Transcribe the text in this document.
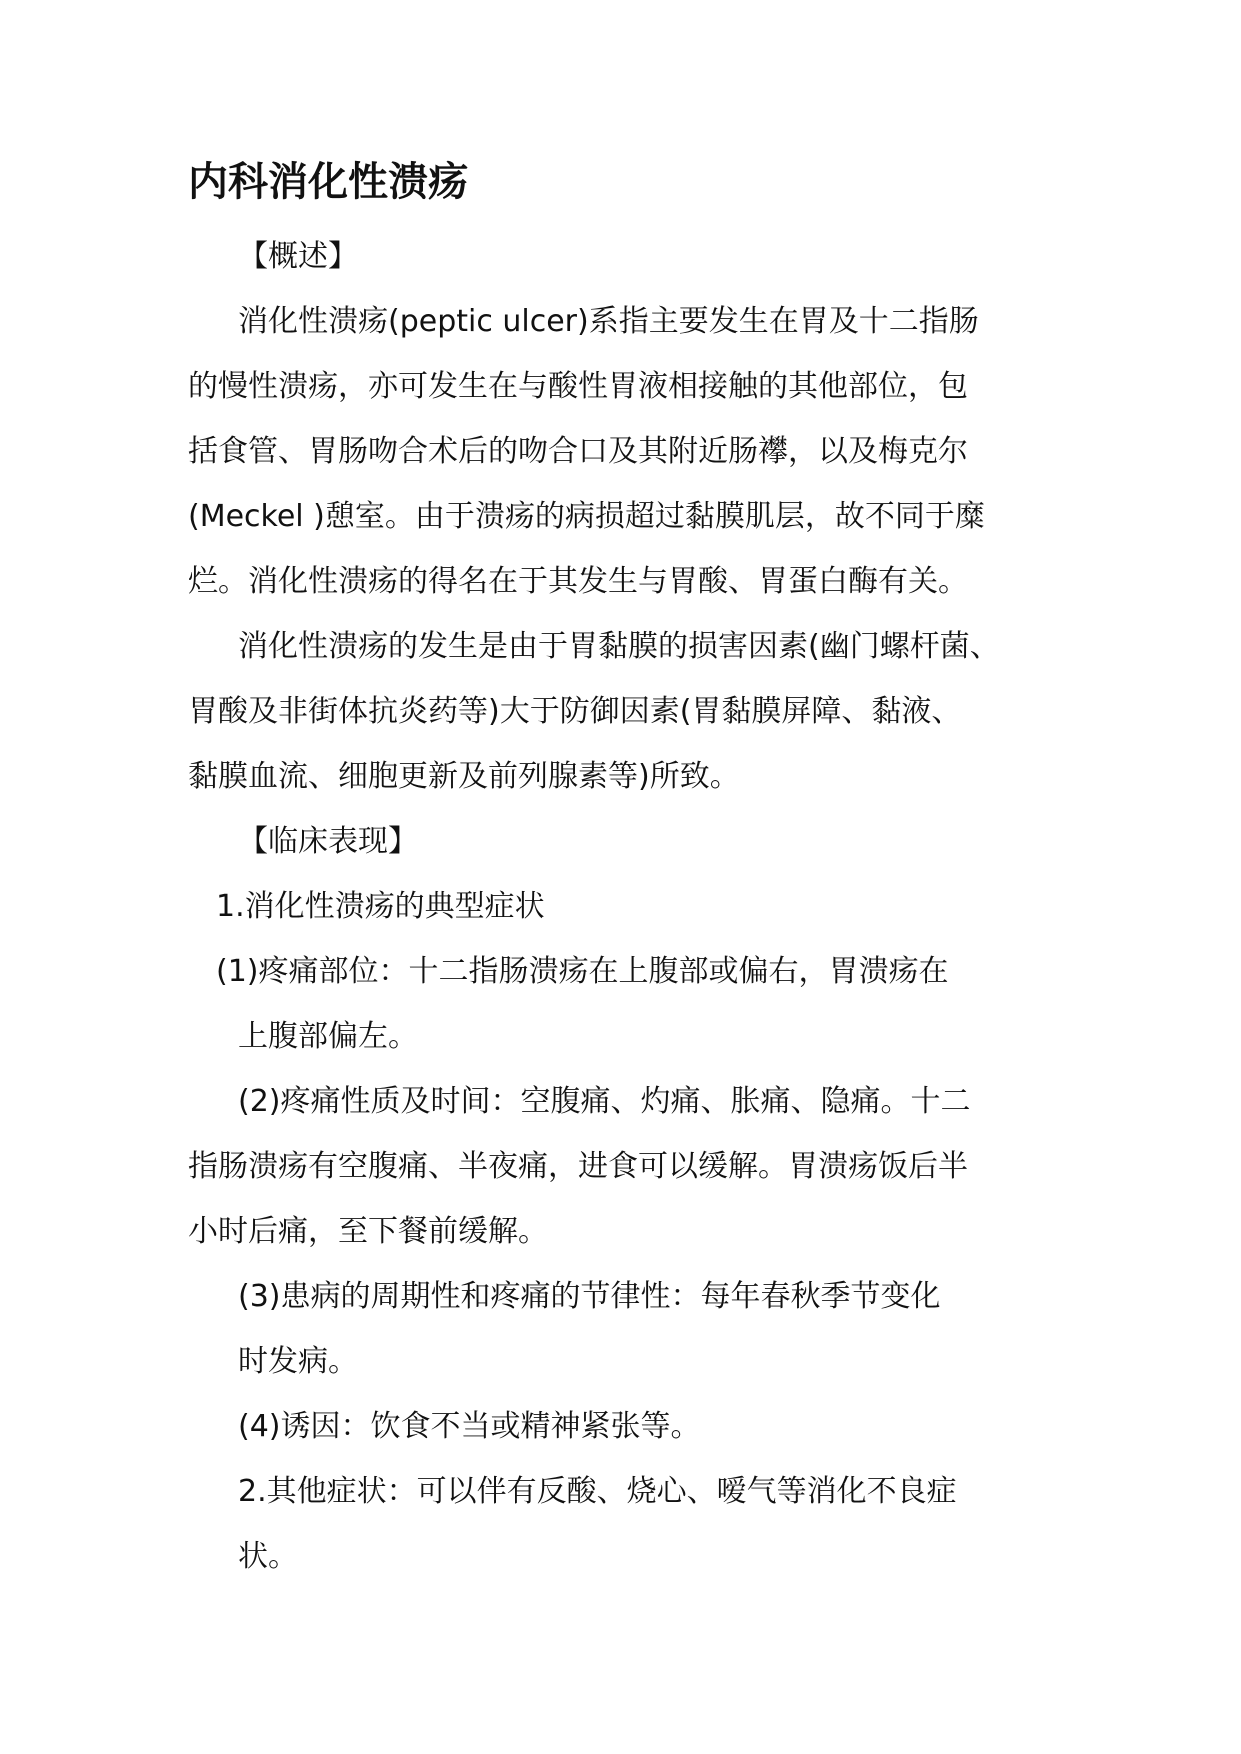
内科消化性溃疡

【概述】

消化性溃疡(peptic ulcer)系指主要发生在胃及十二指肠

的慢性溃疡，亦可发生在与酸性胃液相接触的其他部位，包

括食管、胃肠吻合术后的吻合口及其附近肠襻，以及梅克尔

(Meckel )憩室。由于溃疡的病损超过黏膜肌层，故不同于糜

烂。消化性溃疡的得名在于其发生与胃酸、胃蛋白酶有关。

消化性溃疡的发生是由于胃黏膜的损害因素(幽门螺杆菌、

胃酸及非街体抗炎药等)大于防御因素(胃黏膜屏障、黏液、

黏膜血流、细胞更新及前列腺素等)所致。

【临床表现】

1.消化性溃疡的典型症状

(1)疼痛部位：十二指肠溃疡在上腹部或偏右，胃溃疡在

上腹部偏左。

(2)疼痛性质及时间：空腹痛、灼痛、胀痛、隐痛。十二

指肠溃疡有空腹痛、半夜痛，进食可以缓解。胃溃疡饭后半

小时后痛，至下餐前缓解。

(3)患病的周期性和疼痛的节律性：每年春秋季节变化

时发病。

(4)诱因：饮食不当或精神紧张等。

2.其他症状：可以伴有反酸、烧心、嗳气等消化不良症

状。
